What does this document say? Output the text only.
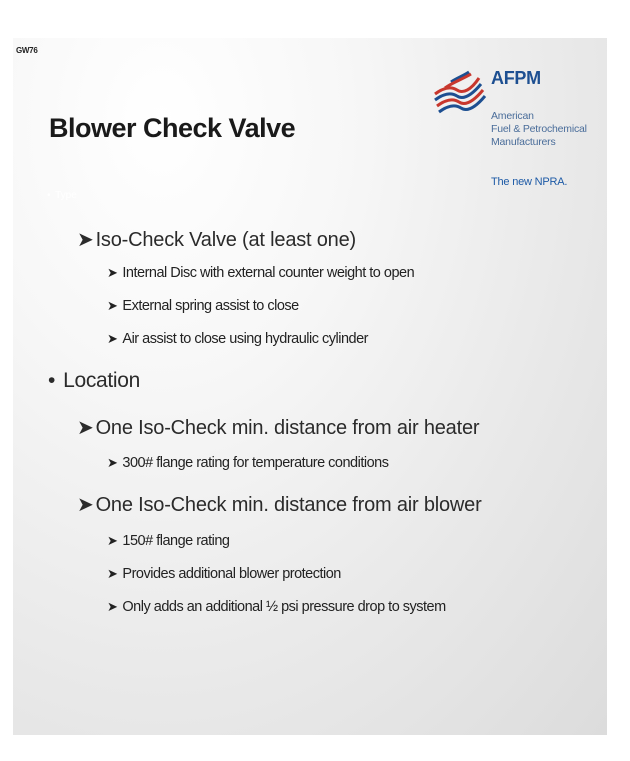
GW76
Blower Check Valve
AFPM
American
Fuel & Petrochemical
Manufacturers
The new NPRA.
• Type
➤ Iso-Check Valve (at least one)
➤ Internal Disc with external counter weight to open
➤ External spring assist to close
➤ Air assist to close using hydraulic cylinder
• Location
➤ One Iso-Check min. distance from air heater
➤ 300# flange rating for temperature conditions
➤ One Iso-Check min. distance from air blower
➤ 150# flange rating
➤ Provides additional blower protection
➤ Only adds an additional ½ psi pressure drop to system
